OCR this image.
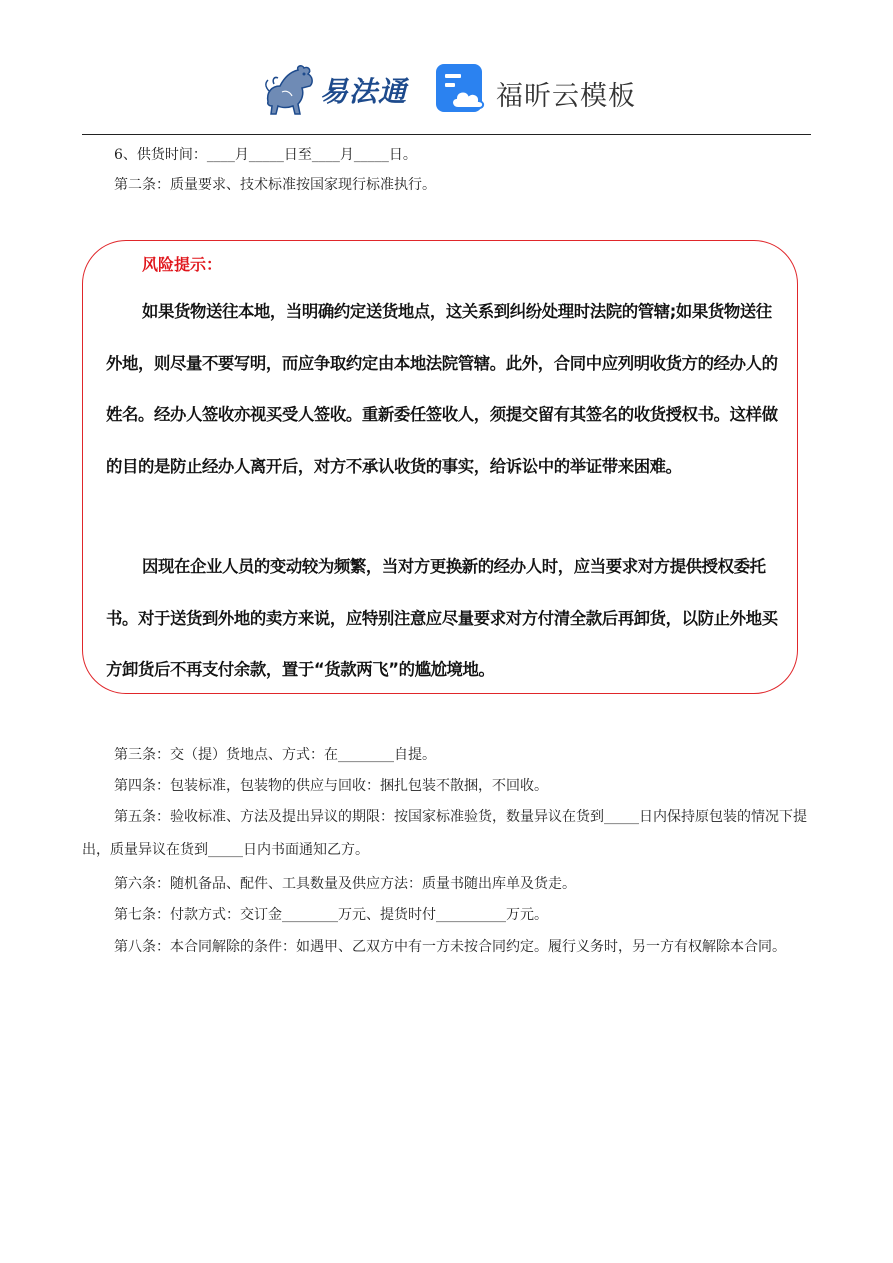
易法通	福昕云模板

6、供货时间：____月_____日至____月_____日。

第二条：质量要求、技术标准按国家现行标准执行。

风险提示：

如果货物送往本地，当明确约定送货地点，这关系到纠纷处理时法院的管辖;如果货物送往外地，则尽量不要写明，而应争取约定由本地法院管辖。此外，合同中应列明收货方的经办人的姓名。经办人签收亦视买受人签收。重新委任签收人，须提交留有其签名的收货授权书。这样做的目的是防止经办人离开后，对方不承认收货的事实，给诉讼中的举证带来困难。

因现在企业人员的变动较为频繁，当对方更换新的经办人时，应当要求对方提供授权委托书。对于送货到外地的卖方来说，应特别注意应尽量要求对方付清全款后再卸货，以防止外地买方卸货后不再支付余款，置于“货款两飞”的尴尬境地。

第三条：交（提）货地点、方式：在________自提。

第四条：包装标准，包装物的供应与回收：捆扎包装不散捆，不回收。

第五条：验收标准、方法及提出异议的期限：按国家标准验货，数量异议在货到_____日内保持原包装的情况下提出，质量异议在货到_____日内书面通知乙方。

第六条：随机备品、配件、工具数量及供应方法：质量书随出库单及货走。

第七条：付款方式：交订金________万元、提货时付__________万元。

第八条：本合同解除的条件：如遇甲、乙双方中有一方未按合同约定。履行义务时，另一方有权解除本合同。
